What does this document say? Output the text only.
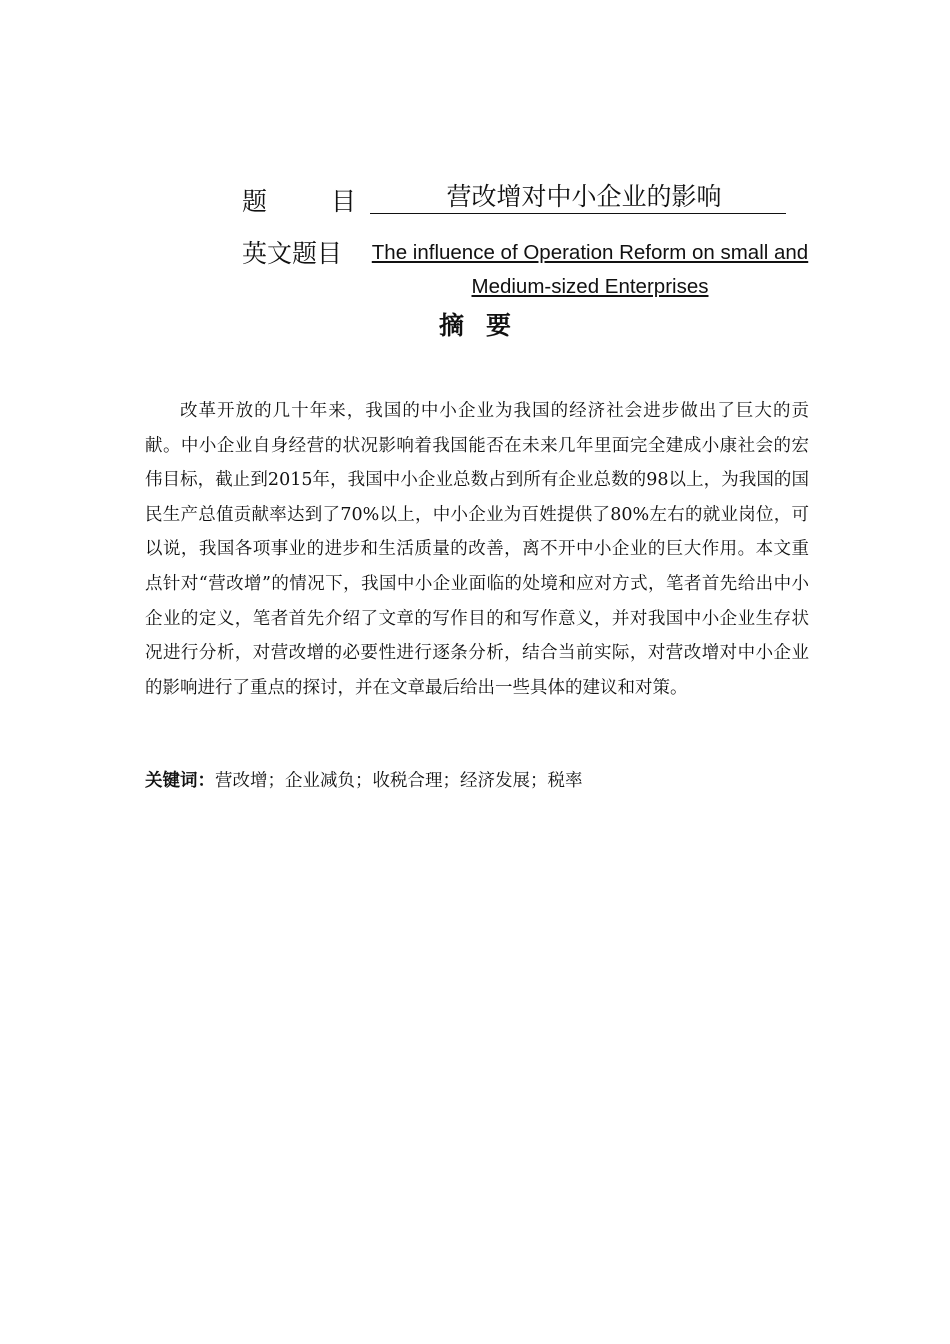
题	目	营改增对中小企业的影响
英文题目 The influence of Operation Reform on small and Medium-sized Enterprises
摘要
改革开放的几十年来，我国的中小企业为我国的经济社会进步做出了巨大的贡献。中小企业自身经营的状况影响着我国能否在未来几年里面完全建成小康社会的宏伟目标，截止到2015年，我国中小企业总数占到所有企业总数的98以上，为我国的国民生产总值贡献率达到了70%以上，中小企业为百姓提供了80%左右的就业岗位，可以说，我国各项事业的进步和生活质量的改善，离不开中小企业的巨大作用。本文重点针对“营改增”的情况下，我国中小企业面临的处境和应对方式，笔者首先给出中小企业的定义，笔者首先介绍了文章的写作目的和写作意义，并对我国中小企业生存状况进行分析，对营改增的必要性进行逐条分析，结合当前实际，对营改增对中小企业的影响进行了重点的探讨，并在文章最后给出一些具体的建议和对策。
关键词：营改增；企业减负；收税合理；经济发展；税率
